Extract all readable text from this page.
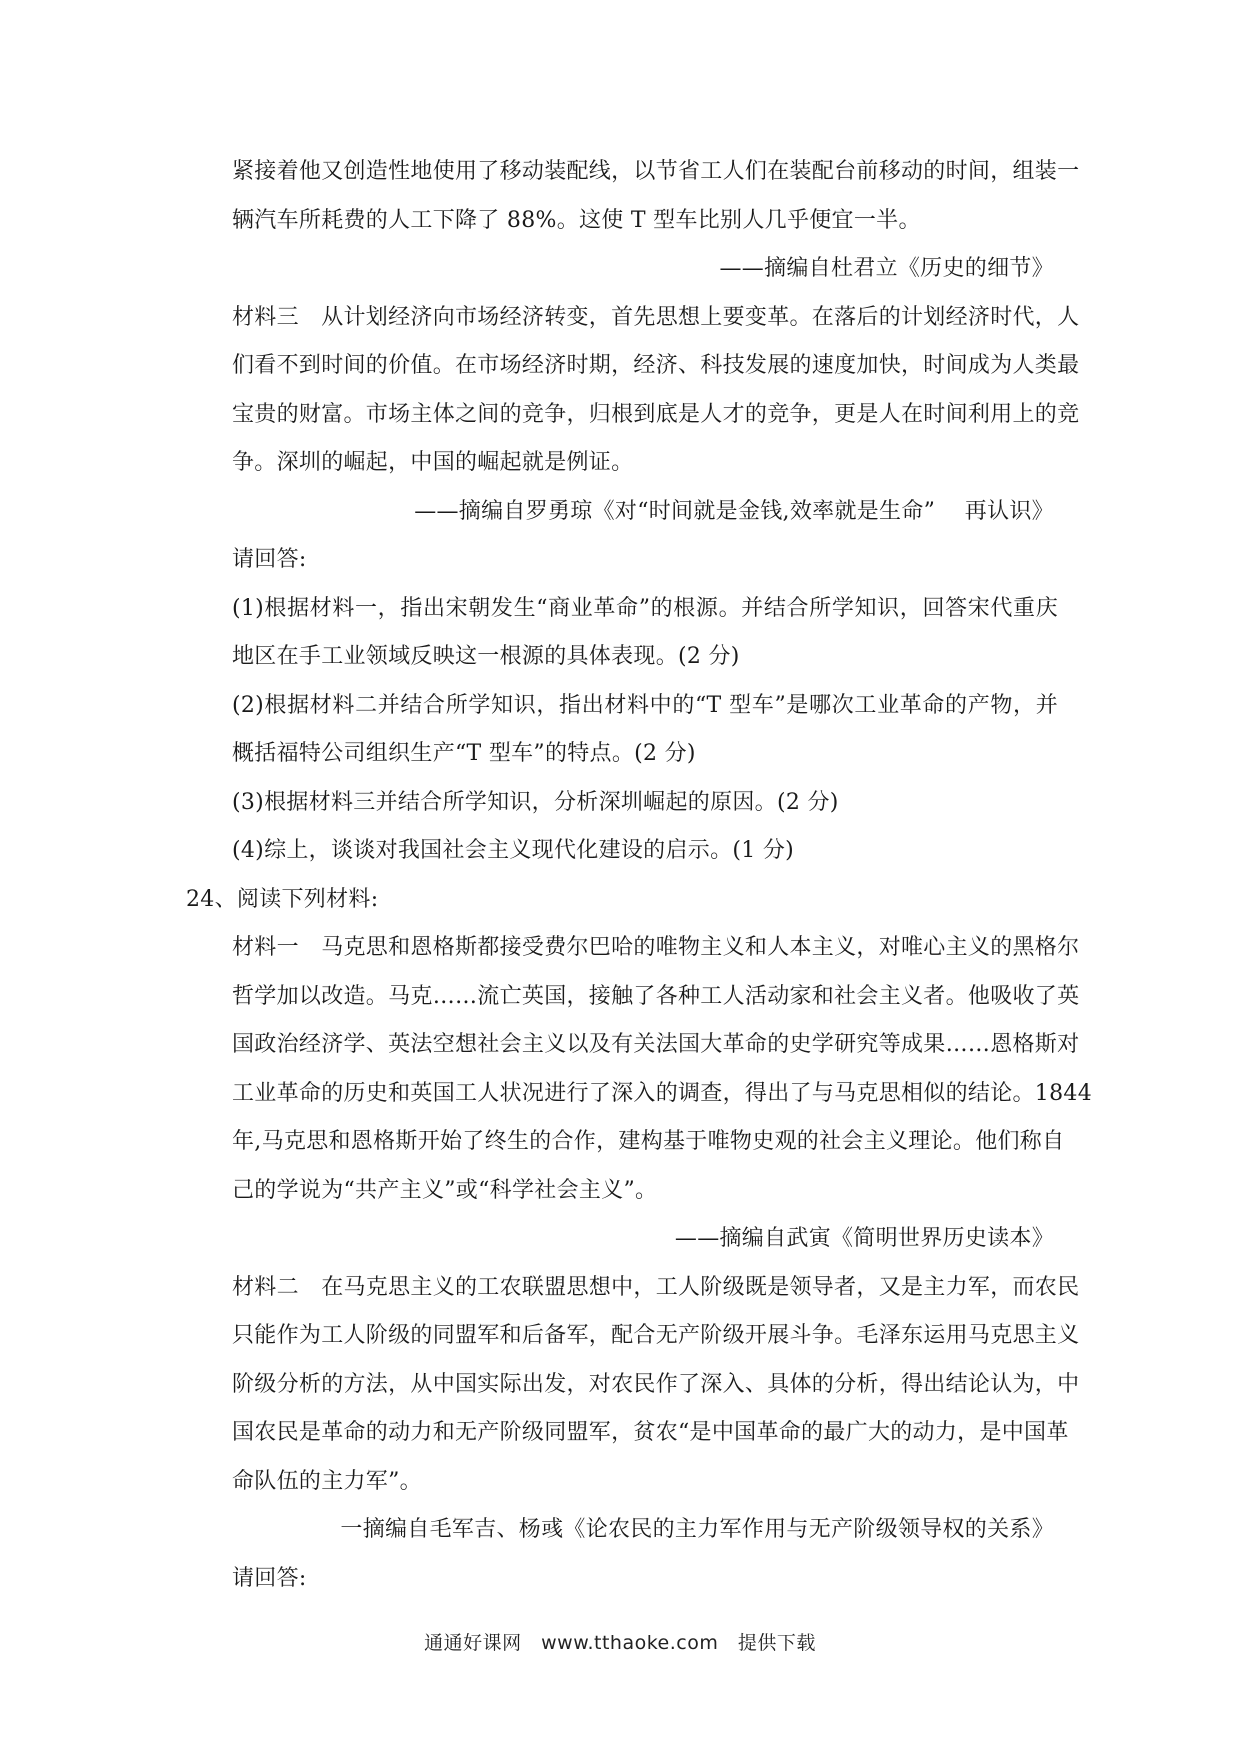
紧接着他又创造性地使用了移动装配线，以节省工人们在装配台前移动的时间，组装一
辆汽车所耗费的人工下降了 88%。这使 T 型车比别人几乎便宜一半。
——摘编自杜君立《历史的细节》
材料三　从计划经济向市场经济转变，首先思想上要变革。在落后的计划经济时代，人
们看不到时间的价值。在市场经济时期，经济、科技发展的速度加快，时间成为人类最
宝贵的财富。市场主体之间的竞争，归根到底是人才的竞争，更是人在时间利用上的竞
争。深圳的崛起，中国的崛起就是例证。
——摘编自罗勇琼《对“时间就是金钱,效率就是生命”　 再认识》
请回答:
(1)根据材料一，指出宋朝发生“商业革命”的根源。并结合所学知识，回答宋代重庆
地区在手工业领域反映这一根源的具体表现。(2 分)
(2)根据材料二并结合所学知识，指出材料中的“T 型车”是哪次工业革命的产物，并
概括福特公司组织生产“T 型车”的特点。(2 分)
(3)根据材料三并结合所学知识，分析深圳崛起的原因。(2 分)
(4)综上，谈谈对我国社会主义现代化建设的启示。(1 分)
24、阅读下列材料:
材料一　马克思和恩格斯都接受费尔巴哈的唯物主义和人本主义，对唯心主义的黑格尔
哲学加以改造。马克……流亡英国，接触了各种工人活动家和社会主义者。他吸收了英
国政治经济学、英法空想社会主义以及有关法国大革命的史学研究等成果……恩格斯对
工业革命的历史和英国工人状况进行了深入的调查，得出了与马克思相似的结论。1844
年,马克思和恩格斯开始了终生的合作，建构基于唯物史观的社会主义理论。他们称自
己的学说为“共产主义”或“科学社会主义”。
——摘编自武寅《简明世界历史读本》
材料二　在马克思主义的工农联盟思想中，工人阶级既是领导者，又是主力军，而农民
只能作为工人阶级的同盟军和后备军，配合无产阶级开展斗争。毛泽东运用马克思主义
阶级分析的方法，从中国实际出发，对农民作了深入、具体的分析，得出结论认为，中
国农民是革命的动力和无产阶级同盟军，贫农“是中国革命的最广大的动力，是中国革
命队伍的主力军”。
一摘编自毛军吉、杨彧《论农民的主力军作用与无产阶级领导权的关系》
请回答:
通通好课网　www.tthaoke.com　提供下载
